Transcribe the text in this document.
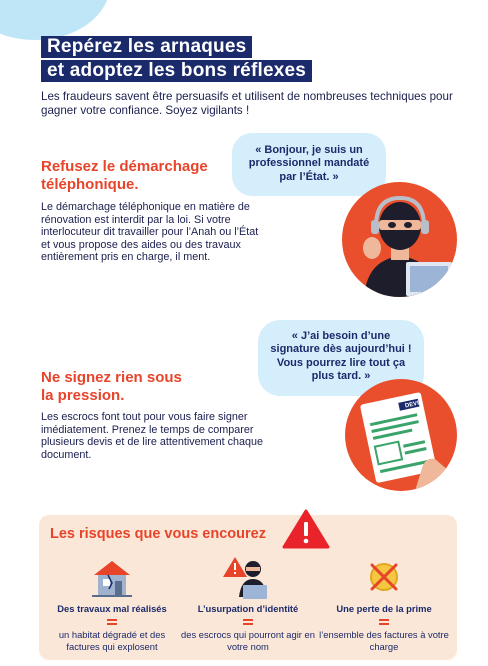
Repérez les arnaques
et adoptez les bons réflexes
Les fraudeurs savent être persuasifs et utilisent de nombreuses techniques pour gagner votre confiance. Soyez vigilants !
Refusez le démarchage
téléphonique.
Le démarchage téléphonique en matière de rénovation est interdit par la loi. Si votre interlocuteur dit travailler pour l’Anah ou l’État et vous propose des aides ou des travaux entièrement pris en charge, il ment.
« Bonjour, je suis un professionnel mandaté par l’État. »
Ne signez rien sous
la pression.
Les escrocs font tout pour vous faire signer imédiatement. Prenez le temps de comparer plusieurs devis et de lire attentivement chaque document.
« J’ai besoin d’une signature dès aujourd’hui ! Vous pourrez lire tout ça plus tard. »
DEVIS
Les risques que vous encourez
Des travaux mal réalisés
un habitat dégradé et des factures qui explosent
L’usurpation d’identité
des escrocs qui pourront agir en votre nom
Une perte de la prime
l’ensemble des factures à votre charge
